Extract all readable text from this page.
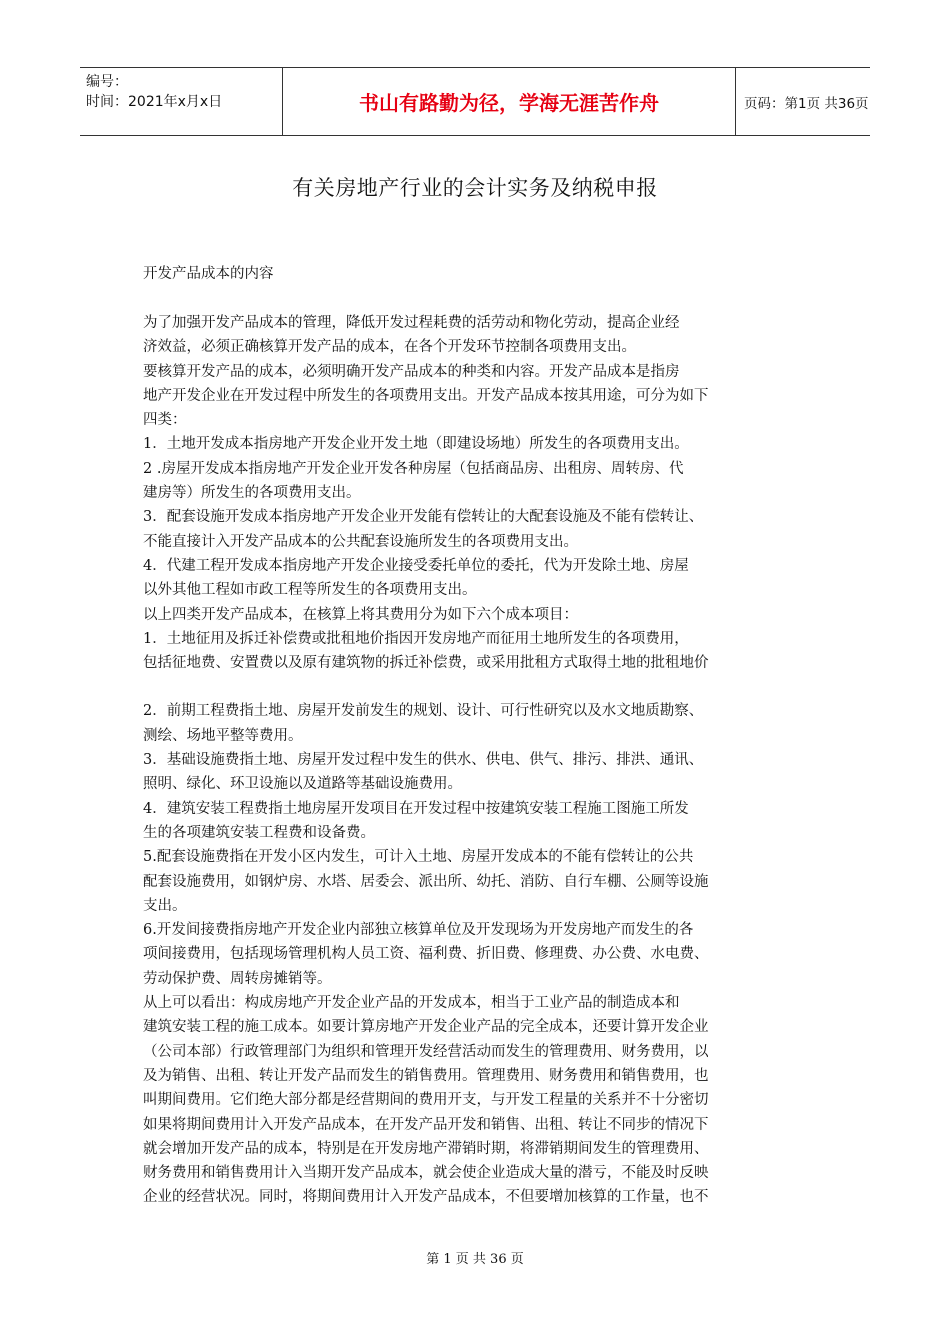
编号：
时间：2021年x月x日	书山有路勤为径，学海无涯苦作舟	页码：第1页 共36页
有关房地产行业的会计实务及纳税申报
开发产品成本的内容

为了加强开发产品成本的管理，降低开发过程耗费的活劳动和物化劳动，提高企业经

济效益，必须正确核算开发产品的成本，在各个开发环节控制各项费用支出。

要核算开发产品的成本，必须明确开发产品成本的种类和内容。开发产品成本是指房

地产开发企业在开发过程中所发生的各项费用支出。开发产品成本按其用途，可分为如下

四类：

1．土地开发成本指房地产开发企业开发土地（即建设场地）所发生的各项费用支出。

2 .房屋开发成本指房地产开发企业开发各种房屋（包括商品房、出租房、周转房、代

建房等）所发生的各项费用支出。

3．配套设施开发成本指房地产开发企业开发能有偿转让的大配套设施及不能有偿转让、

不能直接计入开发产品成本的公共配套设施所发生的各项费用支出。

4．代建工程开发成本指房地产开发企业接受委托单位的委托，代为开发除土地、房屋

以外其他工程如市政工程等所发生的各项费用支出。

以上四类开发产品成本，在核算上将其费用分为如下六个成本项目：

1．土地征用及拆迁补偿费或批租地价指因开发房地产而征用土地所发生的各项费用，

包括征地费、安置费以及原有建筑物的拆迁补偿费，或采用批租方式取得土地的批租地价

2．前期工程费指土地、房屋开发前发生的规划、设计、可行性研究以及水文地质勘察、

测绘、场地平整等费用。

3．基础设施费指土地、房屋开发过程中发生的供水、供电、供气、排污、排洪、通讯、

照明、绿化、环卫设施以及道路等基础设施费用。

4．建筑安装工程费指土地房屋开发项目在开发过程中按建筑安装工程施工图施工所发

生的各项建筑安装工程费和设备费。

5.配套设施费指在开发小区内发生，可计入土地、房屋开发成本的不能有偿转让的公共

配套设施费用，如钢炉房、水塔、居委会、派出所、幼托、消防、自行车棚、公厕等设施

支出。

6.开发间接费指房地产开发企业内部独立核算单位及开发现场为开发房地产而发生的各

项间接费用，包括现场管理机构人员工资、福利费、折旧费、修理费、办公费、水电费、

劳动保护费、周转房摊销等。

从上可以看出：构成房地产开发企业产品的开发成本，相当于工业产品的制造成本和

建筑安装工程的施工成本。如要计算房地产开发企业产品的完全成本，还要计算开发企业

（公司本部）行政管理部门为组织和管理开发经营活动而发生的管理费用、财务费用，以

及为销售、出租、转让开发产品而发生的销售费用。管理费用、财务费用和销售费用，也

叫期间费用。它们绝大部分都是经营期间的费用开支，与开发工程量的关系并不十分密切

如果将期间费用计入开发产品成本，在开发产品开发和销售、出租、转让不同步的情况下

就会增加开发产品的成本，特别是在开发房地产滞销时期，将滞销期间发生的管理费用、

财务费用和销售费用计入当期开发产品成本，就会使企业造成大量的潜亏，不能及时反映

企业的经营状况。同时，将期间费用计入开发产品成本，不但要增加核算的工作量，也不

第 1 页 共 36 页
